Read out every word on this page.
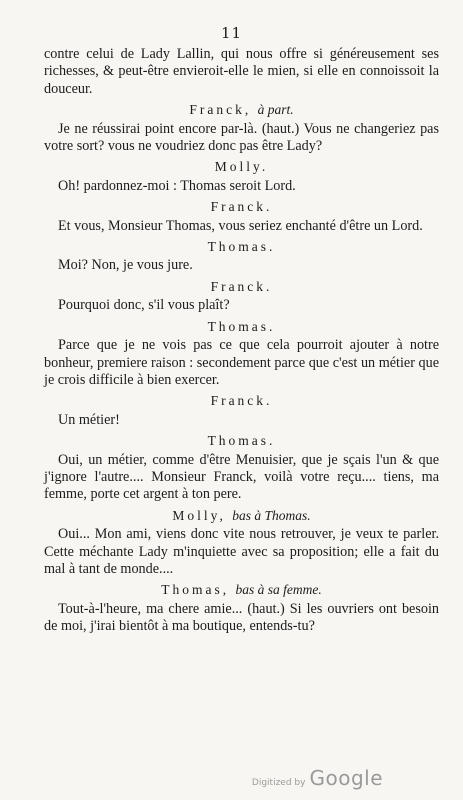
11

contre celui de Lady Lallin, qui nous offre si généreusement ses richesses, & peut-être envieroit-elle le mien, si elle en connoissoit la douceur.

Franck, à part.

Je ne réussirai point encore par-là. (haut.) Vous ne changeriez pas votre sort? vous ne voudriez donc pas être Lady?

Molly.

Oh! pardonnez-moi : Thomas seroit Lord.

Franck.

Et vous, Monsieur Thomas, vous seriez enchanté d'être un Lord.

Thomas.

Moi? Non, je vous jure.

Franck.

Pourquoi donc, s'il vous plaît?

Thomas.

Parce que je ne vois pas ce que cela pourroit ajouter à notre bonheur, premiere raison : secondement parce que c'est un métier que je crois difficile à bien exercer.

Franck.

Un métier!

Thomas.

Oui, un métier, comme d'être Menuisier, que je sçais l'un & que j'ignore l'autre.... Monsieur Franck, voilà votre reçu.... tiens, ma femme, porte cet argent à ton pere.

Molly, bas à Thomas.

Oui... Mon ami, viens donc vite nous retrouver, je veux te parler. Cette méchante Lady m'inquiette avec sa proposition; elle a fait du mal à tant de monde....

Thomas, bas à sa femme.

Tout-à-l'heure, ma chere amie... (haut.) Si les ouvriers ont besoin de moi, j'irai bientôt à ma boutique, entends-tu?

Digitized by Google
